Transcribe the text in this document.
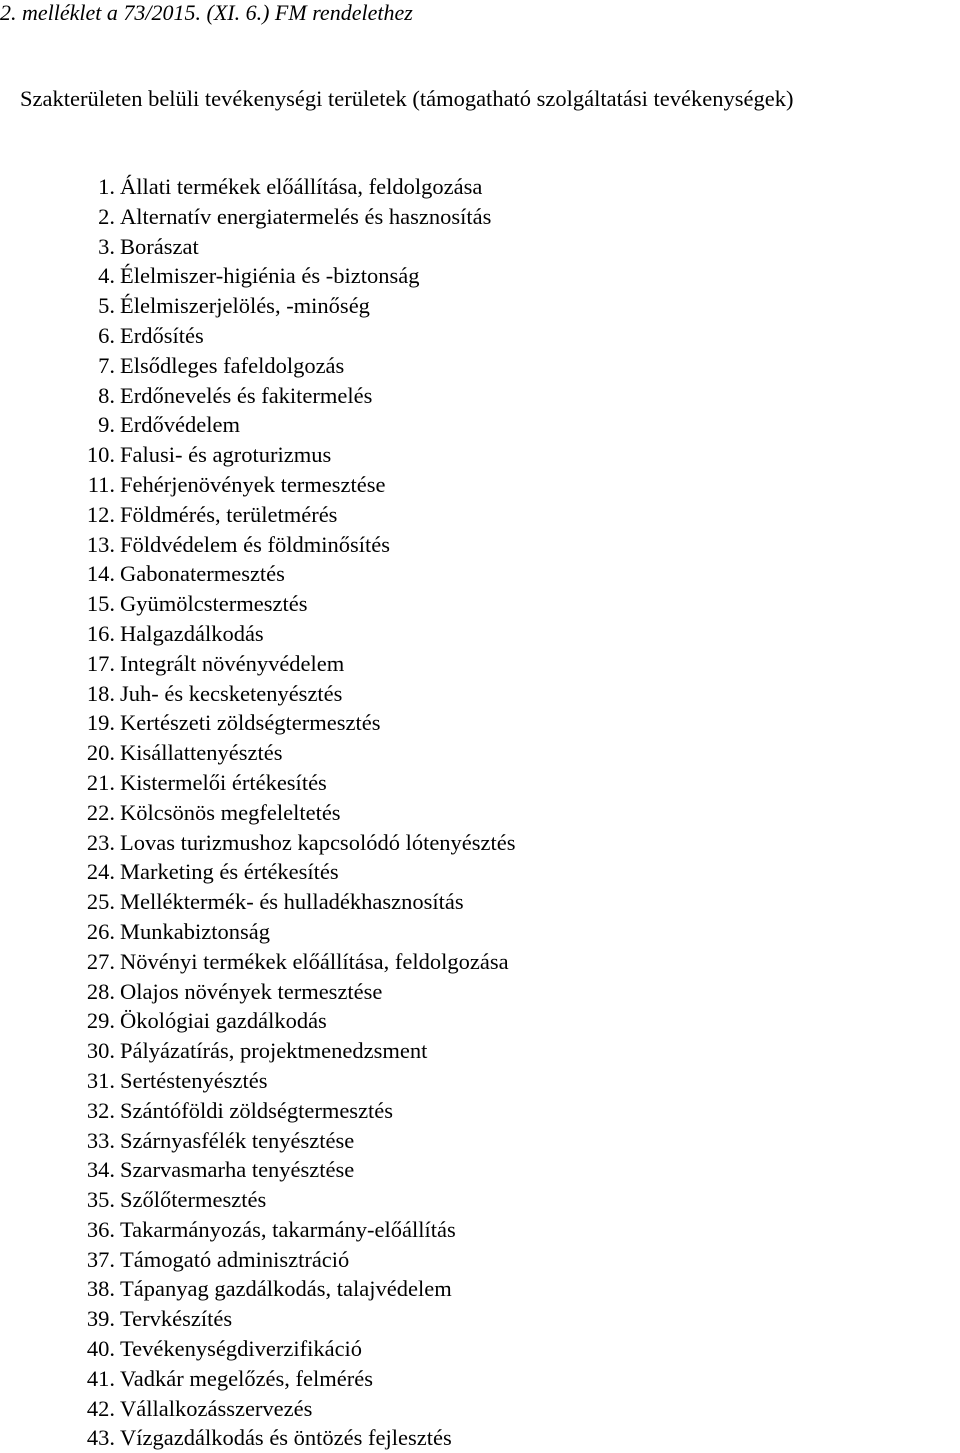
2. melléklet a 73/2015. (XI. 6.) FM rendelethez
Szakterületen belüli tevékenységi területek (támogatható szolgáltatási tevékenységek)
1. Állati termékek előállítása, feldolgozása
2. Alternatív energiatermelés és hasznosítás
3. Borászat
4. Élelmiszer-higiénia és -biztonság
5. Élelmiszerjelölés, -minőség
6. Erdősítés
7. Elsődleges fafeldolgozás
8. Erdőnevelés és fakitermelés
9. Erdővédelem
10. Falusi- és agroturizmus
11. Fehérjenövények termesztése
12. Földmérés, területmérés
13. Földvédelem és földminősítés
14. Gabonatermesztés
15. Gyümölcstermesztés
16. Halgazdálkodás
17. Integrált növényvédelem
18. Juh- és kecsketenyésztés
19. Kertészeti zöldségtermesztés
20. Kisállattenyésztés
21. Kistermelői értékesítés
22. Kölcsönös megfeleltetés
23. Lovas turizmushoz kapcsolódó lótenyésztés
24. Marketing és értékesítés
25. Melléktermék- és hulladékhasznosítás
26. Munkabiztonság
27. Növényi termékek előállítása, feldolgozása
28. Olajos növények termesztése
29. Ökológiai gazdálkodás
30. Pályázatírás, projektmenedzsment
31. Sertéstenyésztés
32. Szántóföldi zöldségtermesztés
33. Szárnyasfélék tenyésztése
34. Szarvasmarha tenyésztése
35. Szőlőtermesztés
36. Takarmányozás, takarmány-előállítás
37. Támogató adminisztráció
38. Tápanyag gazdálkodás, talajvédelem
39. Tervkészítés
40. Tevékenységdiverzifikáció
41. Vadkár megelőzés, felmérés
42. Vállalkozásszervezés
43. Vízgazdálkodás és öntözés fejlesztés
